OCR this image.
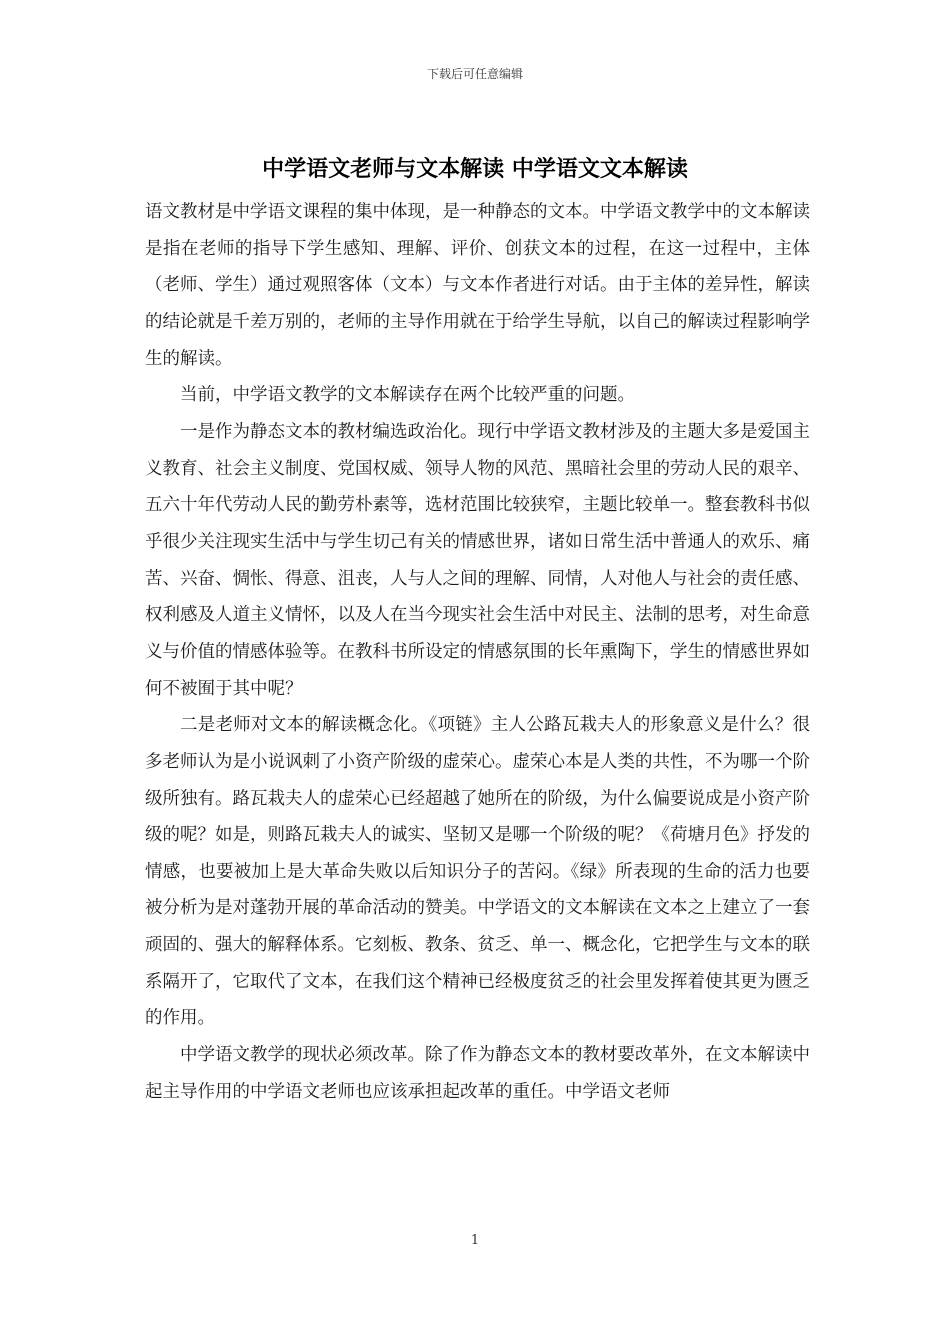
下载后可任意编辑
中学语文老师与文本解读 中学语文文本解读

语文教材是中学语文课程的集中体现，是一种静态的文本。中学语文教学中的文本解读是指在老师的指导下学生感知、理解、评价、创获文本的过程，在这一过程中，主体（老师、学生）通过观照客体（文本）与文本作者进行对话。由于主体的差异性，解读的结论就是千差万别的，老师的主导作用就在于给学生导航，以自己的解读过程影响学生的解读。

当前，中学语文教学的文本解读存在两个比较严重的问题。

一是作为静态文本的教材编选政治化。现行中学语文教材涉及的主题大多是爱国主义教育、社会主义制度、党国权威、领导人物的风范、黑暗社会里的劳动人民的艰辛、五六十年代劳动人民的勤劳朴素等，选材范围比较狭窄，主题比较单一。整套教科书似乎很少关注现实生活中与学生切己有关的情感世界，诸如日常生活中普通人的欢乐、痛苦、兴奋、惆怅、得意、沮丧，人与人之间的理解、同情，人对他人与社会的责任感、权利感及人道主义情怀，以及人在当今现实社会生活中对民主、法制的思考，对生命意义与价值的情感体验等。在教科书所设定的情感氛围的长年熏陶下，学生的情感世界如何不被囿于其中呢？

二是老师对文本的解读概念化。《项链》主人公路瓦栽夫人的形象意义是什么？很多老师认为是小说讽刺了小资产阶级的虚荣心。虚荣心本是人类的共性，不为哪一个阶级所独有。路瓦栽夫人的虚荣心已经超越了她所在的阶级，为什么偏要说成是小资产阶级的呢？如是，则路瓦栽夫人的诚实、坚韧又是哪一个阶级的呢？《荷塘月色》抒发的情感，也要被加上是大革命失败以后知识分子的苦闷。《绿》所表现的生命的活力也要被分析为是对蓬勃开展的革命活动的赞美。中学语文的文本解读在文本之上建立了一套顽固的、强大的解释体系。它刻板、教条、贫乏、单一、概念化，它把学生与文本的联系隔开了，它取代了文本，在我们这个精神已经极度贫乏的社会里发挥着使其更为匮乏的作用。

中学语文教学的现状必须改革。除了作为静态文本的教材要改革外，在文本解读中起主导作用的中学语文老师也应该承担起改革的重任。中学语文老师

1
